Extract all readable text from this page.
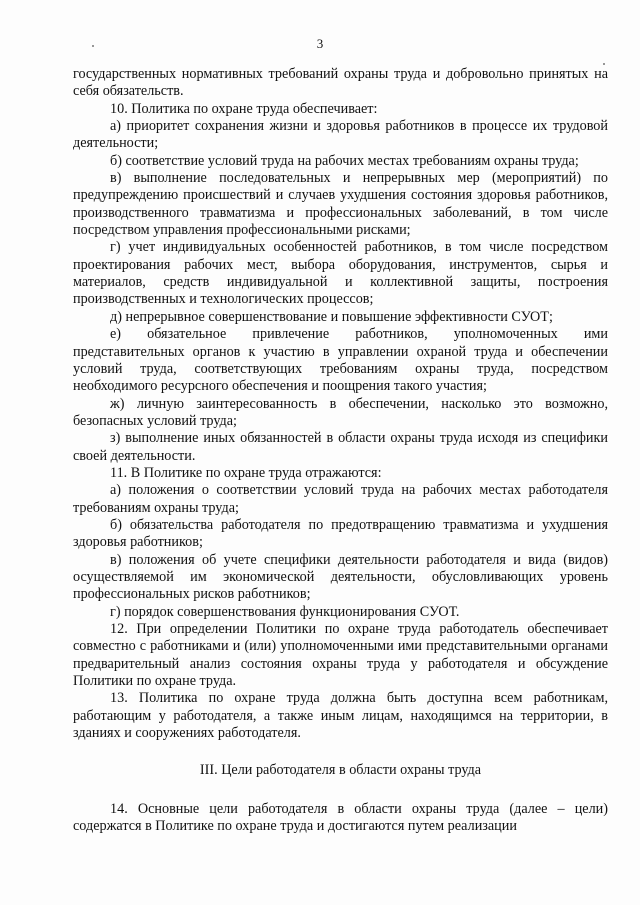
3

государственных нормативных требований охраны труда и добровольно принятых на себя обязательств.

10. Политика по охране труда обеспечивает:

а) приоритет сохранения жизни и здоровья работников в процессе их трудовой деятельности;

б) соответствие условий труда на рабочих местах требованиям охраны труда;

в) выполнение последовательных и непрерывных мер (мероприятий) по предупреждению происшествий и случаев ухудшения состояния здоровья работников, производственного травматизма и профессиональных заболеваний, в том числе посредством управления профессиональными рисками;

г) учет индивидуальных особенностей работников, в том числе посредством проектирования рабочих мест, выбора оборудования, инструментов, сырья и материалов, средств индивидуальной и коллективной защиты, построения производственных и технологических процессов;

д) непрерывное совершенствование и повышение эффективности СУОТ;

е) обязательное привлечение работников, уполномоченных ими представительных органов к участию в управлении охраной труда и обеспечении условий труда, соответствующих требованиям охраны труда, посредством необходимого ресурсного обеспечения и поощрения такого участия;

ж) личную заинтересованность в обеспечении, насколько это возможно, безопасных условий труда;

з) выполнение иных обязанностей в области охраны труда исходя из специфики своей деятельности.

11. В Политике по охране труда отражаются:

а) положения о соответствии условий труда на рабочих местах работодателя требованиям охраны труда;

б) обязательства работодателя по предотвращению травматизма и ухудшения здоровья работников;

в) положения об учете специфики деятельности работодателя и вида (видов) осуществляемой им экономической деятельности, обусловливающих уровень профессиональных рисков работников;

г) порядок совершенствования функционирования СУОТ.

12. При определении Политики по охране труда работодатель обеспечивает совместно с работниками и (или) уполномоченными ими представительными органами предварительный анализ состояния охраны труда у работодателя и обсуждение Политики по охране труда.

13. Политика по охране труда должна быть доступна всем работникам, работающим у работодателя, а также иным лицам, находящимся на территории, в зданиях и сооружениях работодателя.

III. Цели работодателя в области охраны труда

14. Основные цели работодателя в области охраны труда (далее – цели) содержатся в Политике по охране труда и достигаются путем реализации
